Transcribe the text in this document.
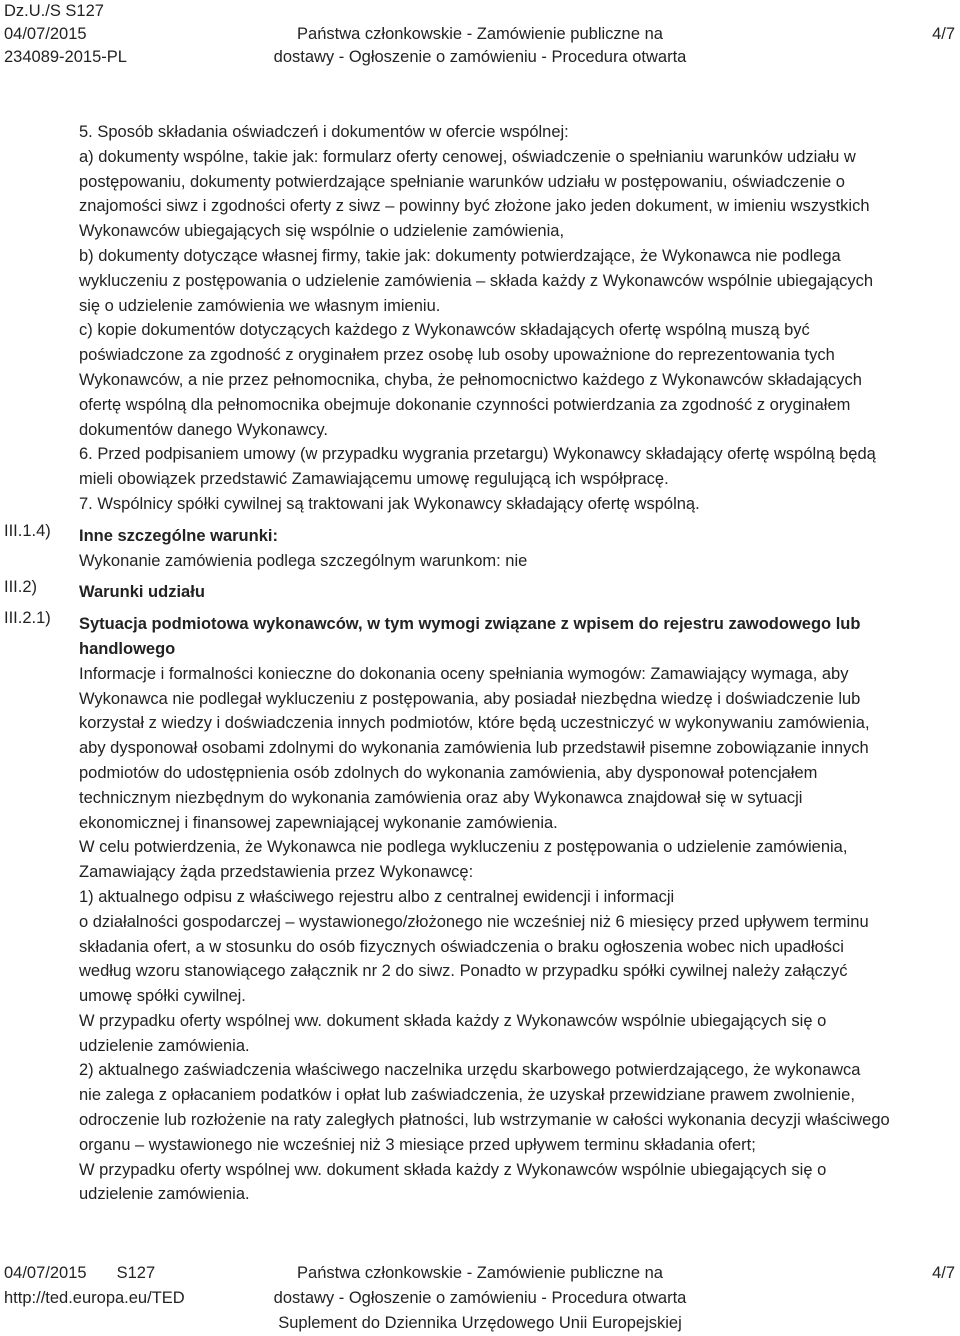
Dz.U./S S127
04/07/2015
234089-2015-PL
Państwa członkowskie - Zamówienie publiczne na
dostawy - Ogłoszenie o zamówieniu - Procedura otwarta
4/7
III.1.4)
III.2)
III.2.1)

5. Sposób składania oświadczeń i dokumentów w ofercie wspólnej:

a) dokumenty wspólne, takie jak: formularz oferty cenowej, oświadczenie o spełnianiu warunków udziału w

postępowaniu, dokumenty potwierdzające spełnianie warunków udziału w postępowaniu, oświadczenie o

znajomości siwz i zgodności oferty z siwz – powinny być złożone jako jeden dokument, w imieniu wszystkich

Wykonawców ubiegających się wspólnie o udzielenie zamówienia,

b) dokumenty dotyczące własnej firmy, takie jak: dokumenty potwierdzające, że Wykonawca nie podlega

wykluczeniu z postępowania o udzielenie zamówienia – składa każdy z Wykonawców wspólnie ubiegających

się o udzielenie zamówienia we własnym imieniu.

c) kopie dokumentów dotyczących każdego z Wykonawców składających ofertę wspólną muszą być

poświadczone za zgodność z oryginałem przez osobę lub osoby upoważnione do reprezentowania tych

Wykonawców, a nie przez pełnomocnika, chyba, że pełnomocnictwo każdego z Wykonawców składających

ofertę wspólną dla pełnomocnika obejmuje dokonanie czynności potwierdzania za zgodność z oryginałem

dokumentów danego Wykonawcy.

6. Przed podpisaniem umowy (w przypadku wygrania przetargu) Wykonawcy składający ofertę wspólną będą

mieli obowiązek przedstawić Zamawiającemu umowę regulującą ich współpracę.

7. Wspólnicy spółki cywilnej są traktowani jak Wykonawcy składający ofertę wspólną.

Inne szczególne warunki:

Wykonanie zamówienia podlega szczególnym warunkom: nie

Warunki udziału

Sytuacja podmiotowa wykonawców, w tym wymogi związane z wpisem do rejestru zawodowego lub

handlowego

Informacje i formalności konieczne do dokonania oceny spełniania wymogów: Zamawiający wymaga, aby

Wykonawca nie podlegał wykluczeniu z postępowania, aby posiadał niezbędna wiedzę i doświadczenie lub

korzystał z wiedzy i doświadczenia innych podmiotów, które będą uczestniczyć w wykonywaniu zamówienia,

aby dysponował osobami zdolnymi do wykonania zamówienia lub przedstawił pisemne zobowiązanie innych

podmiotów do udostępnienia osób zdolnych do wykonania zamówienia, aby dysponował potencjałem

technicznym niezbędnym do wykonania zamówienia oraz aby Wykonawca znajdował się w sytuacji

ekonomicznej i finansowej zapewniającej wykonanie zamówienia.

W celu potwierdzenia, że Wykonawca nie podlega wykluczeniu z postępowania o udzielenie zamówienia,

Zamawiający żąda przedstawienia przez Wykonawcę:

1) aktualnego odpisu z właściwego rejestru albo z centralnej ewidencji i informacji

o działalności gospodarczej – wystawionego/złożonego nie wcześniej niż 6 miesięcy przed upływem terminu

składania ofert, a w stosunku do osób fizycznych oświadczenia o braku ogłoszenia wobec nich upadłości

według wzoru stanowiącego załącznik nr 2 do siwz. Ponadto w przypadku spółki cywilnej należy załączyć

umowę spółki cywilnej.

W przypadku oferty wspólnej ww. dokument składa każdy z Wykonawców wspólnie ubiegających się o

udzielenie zamówienia.

2) aktualnego zaświadczenia właściwego naczelnika urzędu skarbowego potwierdzającego, że wykonawca

nie zalega z opłacaniem podatków i opłat lub zaświadczenia, że uzyskał przewidziane prawem zwolnienie,

odroczenie lub rozłożenie na raty zaległych płatności, lub wstrzymanie w całości wykonania decyzji właściwego

organu – wystawionego nie wcześniej niż 3 miesiące przed upływem terminu składania ofert;

W przypadku oferty wspólnej ww. dokument składa każdy z Wykonawców wspólnie ubiegających się o

udzielenie zamówienia.

04/07/2015 S127
http://ted.europa.eu/TED
Państwa członkowskie - Zamówienie publiczne na
dostawy - Ogłoszenie o zamówieniu - Procedura otwarta
Suplement do Dziennika Urzędowego Unii Europejskiej
4/7
